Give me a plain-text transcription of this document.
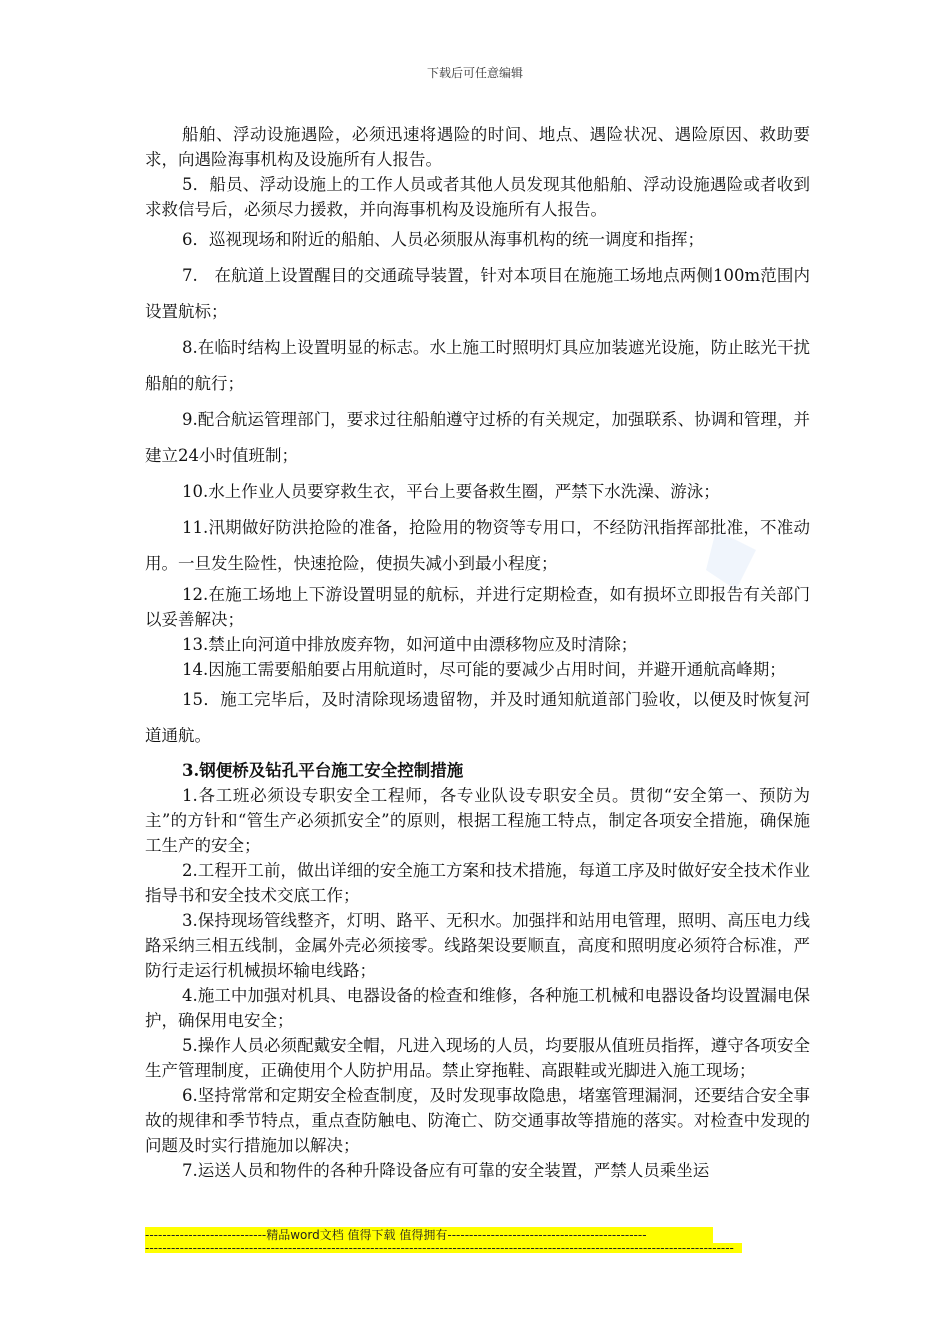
下载后可任意编辑

船舶、浮动设施遇险，必须迅速将遇险的时间、地点、遇险状况、遇险原因、救助要求，向遇险海事机构及设施所有人报告。

5．船员、浮动设施上的工作人员或者其他人员发现其他船舶、浮动设施遇险或者收到求救信号后，必须尽力援救，并向海事机构及设施所有人报告。

6．巡视现场和附近的船舶、人员必须服从海事机构的统一调度和指挥；

7.　在航道上设置醒目的交通疏导装置，针对本项目在施施工场地点两侧100m范围内设置航标；

8.在临时结构上设置明显的标志。水上施工时照明灯具应加装遮光设施，防止眩光干扰船舶的航行；

9.配合航运管理部门，要求过往船舶遵守过桥的有关规定，加强联系、协调和管理，并建立24小时值班制；

10.水上作业人员要穿救生衣，平台上要备救生圈，严禁下水洗澡、游泳；

11.汛期做好防洪抢险的准备，抢险用的物资等专用口，不经防汛指挥部批准，不准动用。一旦发生险性，快速抢险，使损失减小到最小程度；

12.在施工场地上下游设置明显的航标，并进行定期检查，如有损坏立即报告有关部门以妥善解决；

13.禁止向河道中排放废弃物，如河道中由漂移物应及时清除；

14.因施工需要船舶要占用航道时，尽可能的要减少占用时间，并避开通航高峰期；

15．施工完毕后，及时清除现场遗留物，并及时通知航道部门验收，以便及时恢复河道通航。

3.钢便桥及钻孔平台施工安全控制措施

1.各工班必须设专职安全工程师，各专业队设专职安全员。贯彻“安全第一、预防为主”的方针和“管生产必须抓安全”的原则，根据工程施工特点，制定各项安全措施，确保施工生产的安全；

2.工程开工前，做出详细的安全施工方案和技术措施，每道工序及时做好安全技术作业指导书和安全技术交底工作；

3.保持现场管线整齐，灯明、路平、无积水。加强拌和站用电管理，照明、高压电力线路采纳三相五线制，金属外壳必须接零。线路架设要顺直，高度和照明度必须符合标准，严防行走运行机械损坏输电线路；

4.施工中加强对机具、电器设备的检查和维修，各种施工机械和电器设备均设置漏电保护，确保用电安全；

5.操作人员必须配戴安全帽，凡进入现场的人员，均要服从值班员指挥，遵守各项安全生产管理制度，正确使用个人防护用品。禁止穿拖鞋、高跟鞋或光脚进入施工现场；

6.坚持常常和定期安全检查制度，及时发现事故隐患，堵塞管理漏洞，还要结合安全事故的规律和季节特点，重点查防触电、防淹亡、防交通事故等措施的落实。对检查中发现的问题及时实行措施加以解决；

7.运送人员和物件的各种升降设备应有可靠的安全装置，严禁人员乘坐运

----------------------------精品word文档 值得下载 值得拥有----------------------------------------------
----------------------------------------------------------------------------------------------------------------------------------------
